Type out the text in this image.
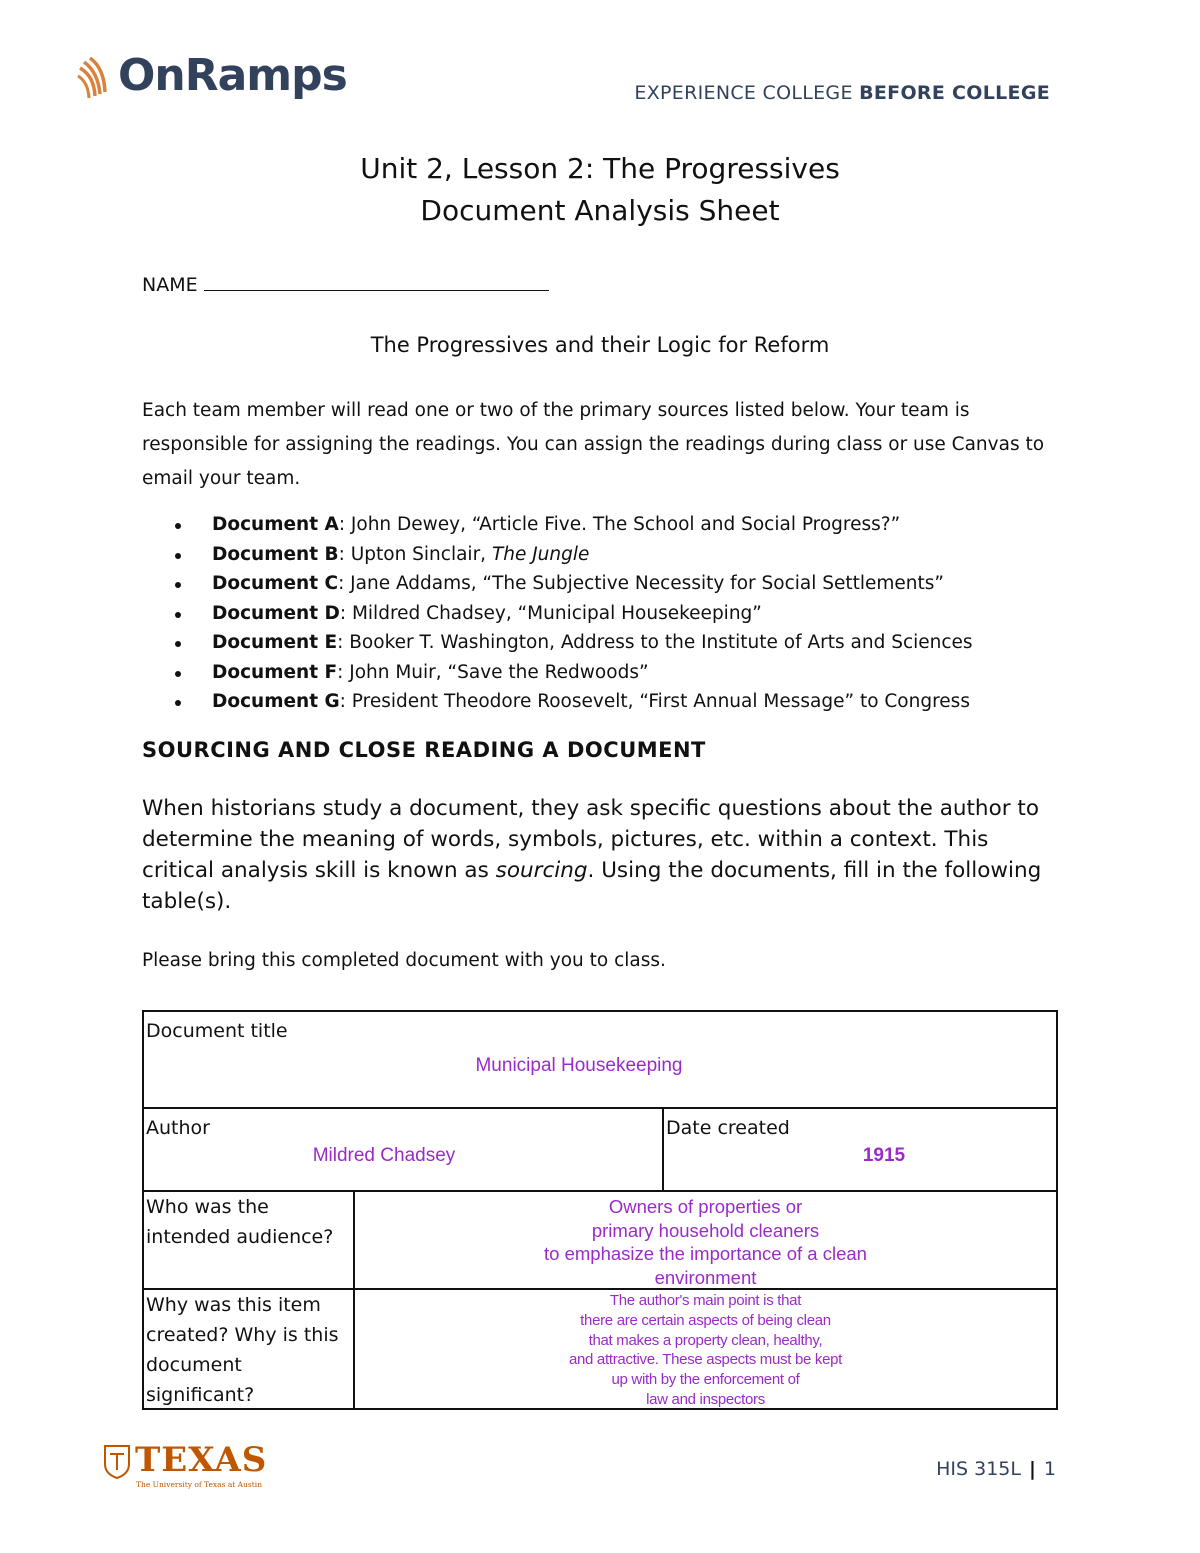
OnRamps	EXPERIENCE COLLEGE BEFORE COLLEGE
Unit 2, Lesson 2: The Progressives
Document Analysis Sheet
NAME
The Progressives and their Logic for Reform
Each team member will read one or two of the primary sources listed below. Your team is responsible for assigning the readings. You can assign the readings during class or use Canvas to email your team.
Document A: John Dewey, “Article Five. The School and Social Progress?”
Document B: Upton Sinclair, The Jungle
Document C: Jane Addams, “The Subjective Necessity for Social Settlements”
Document D: Mildred Chadsey, “Municipal Housekeeping”
Document E: Booker T. Washington, Address to the Institute of Arts and Sciences
Document F: John Muir, “Save the Redwoods”
Document G: President Theodore Roosevelt, “First Annual Message” to Congress
SOURCING AND CLOSE READING A DOCUMENT
When historians study a document, they ask specific questions about the author to determine the meaning of words, symbols, pictures, etc. within a context. This critical analysis skill is known as sourcing. Using the documents, fill in the following table(s).
Please bring this completed document with you to class.
Document title
Municipal Housekeeping
Author
Mildred Chadsey
Date created
1915
Who was the intended audience?
Owners of properties or
primary household cleaners
to emphasize the importance of a clean
environment
Why was this item created? Why is this document significant?
The author's main point is that
there are certain aspects of being clean
that makes a property clean, healthy,
and attractive. These aspects must be kept
up with by the enforcement of
law and inspectors
TEXAS
The University of Texas at Austin
HIS 315L | 1
